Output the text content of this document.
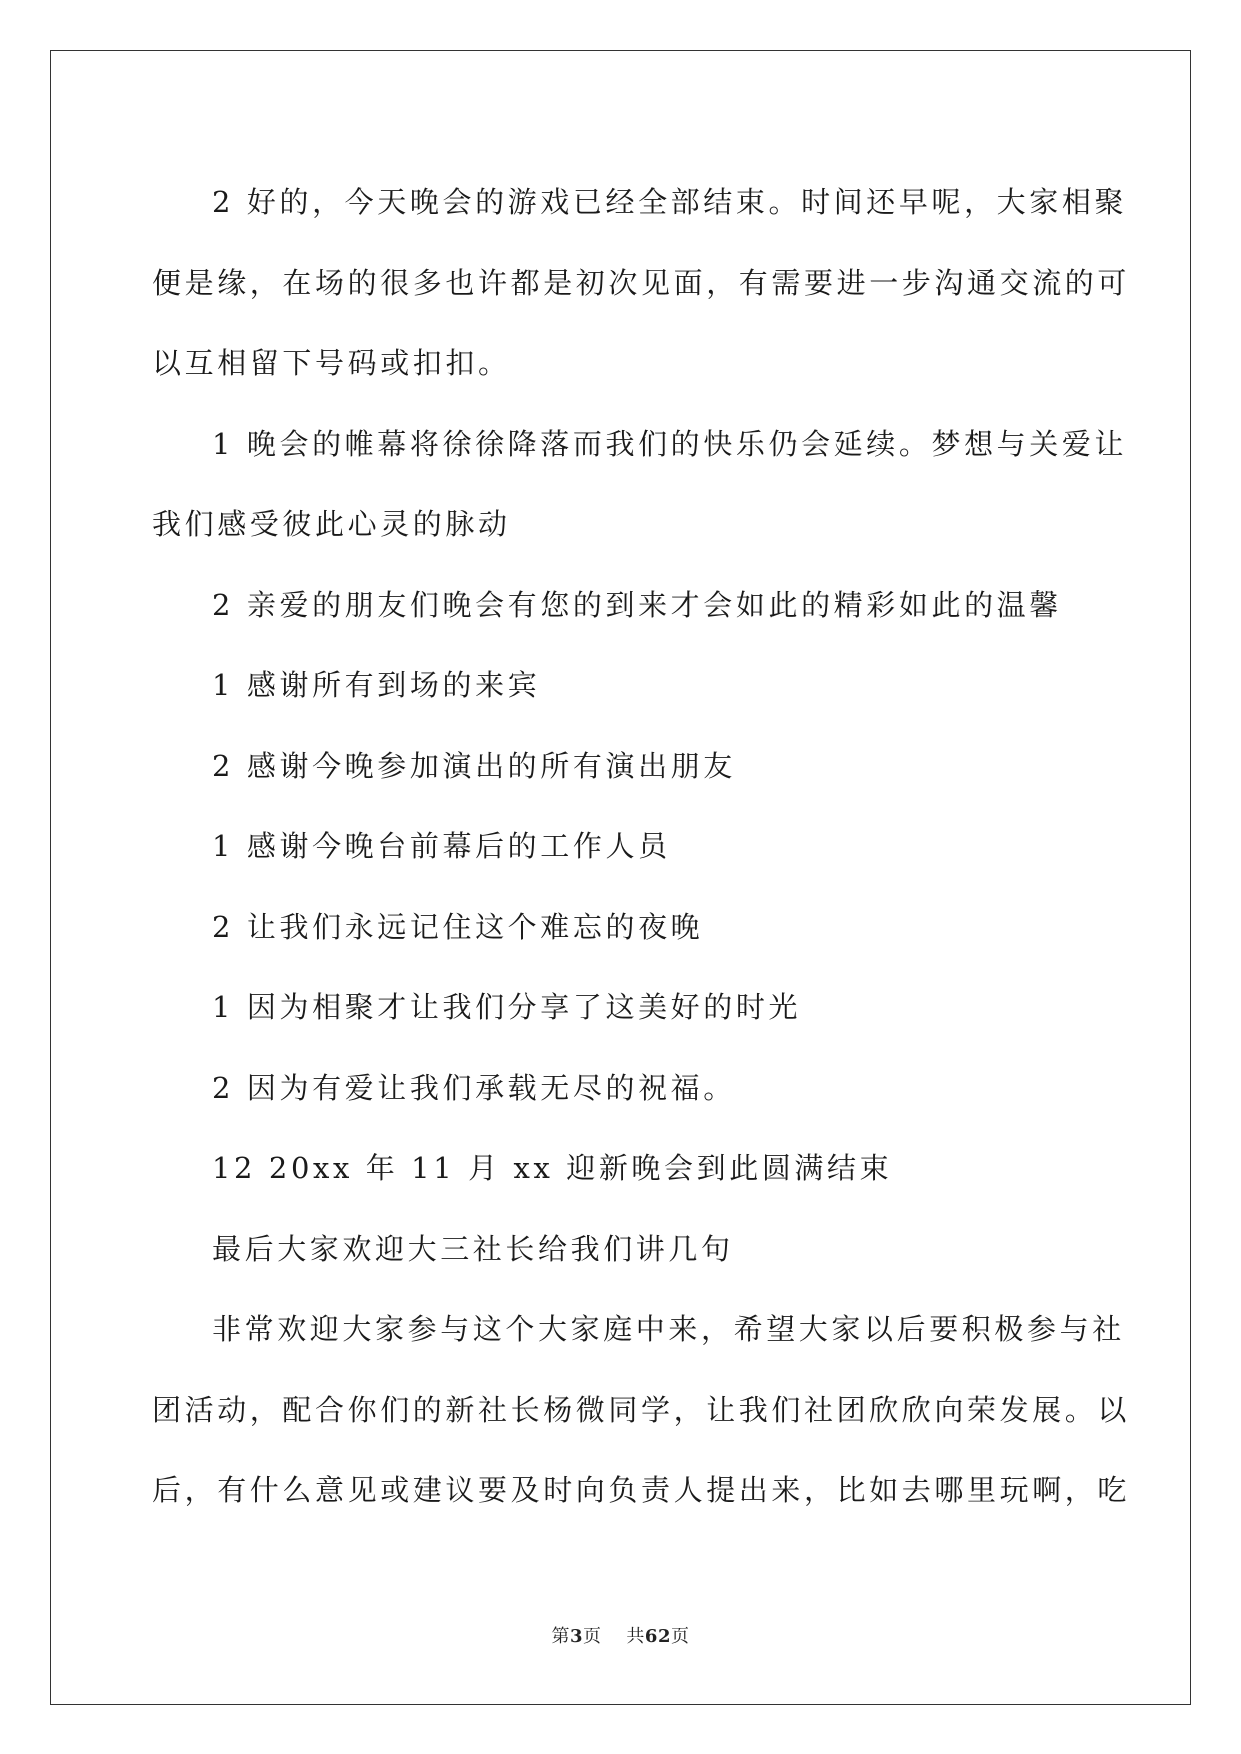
2 好的，今天晚会的游戏已经全部结束。时间还早呢，大家相聚
便是缘，在场的很多也许都是初次见面，有需要进一步沟通交流的可
以互相留下号码或扣扣。
1 晚会的帷幕将徐徐降落而我们的快乐仍会延续。梦想与关爱让
我们感受彼此心灵的脉动
2 亲爱的朋友们晚会有您的到来才会如此的精彩如此的温馨
1 感谢所有到场的来宾
2 感谢今晚参加演出的所有演出朋友
1 感谢今晚台前幕后的工作人员
2 让我们永远记住这个难忘的夜晚
1 因为相聚才让我们分享了这美好的时光
2 因为有爱让我们承载无尽的祝福。
12 20xx 年 11 月 xx 迎新晚会到此圆满结束
最后大家欢迎大三社长给我们讲几句
非常欢迎大家参与这个大家庭中来，希望大家以后要积极参与社
团活动，配合你们的新社长杨微同学，让我们社团欣欣向荣发展。以
后，有什么意见或建议要及时向负责人提出来，比如去哪里玩啊，吃
第3页 共62页
